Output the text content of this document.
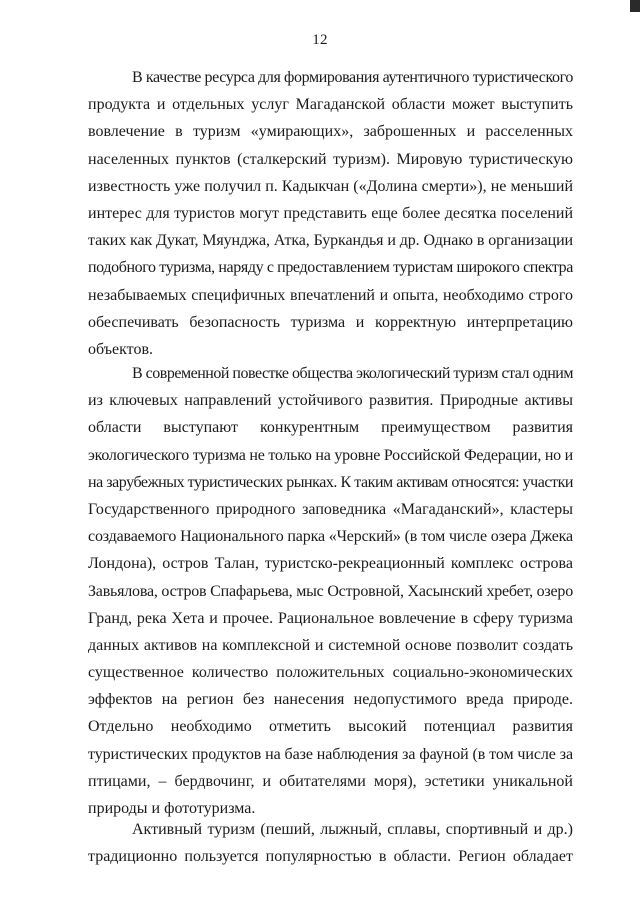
12
В качестве ресурса для формирования аутентичного туристического
продукта и отдельных услуг Магаданской области может выступить
вовлечение в туризм «умирающих», заброшенных и расселенных
населенных пунктов (сталкерский туризм). Мировую туристическую
известность уже получил п. Кадыкчан («Долина смерти»), не меньший
интерес для туристов могут представить еще более десятка поселений
таких как Дукат, Мяунджа, Атка, Буркандья и др. Однако в организации
подобного туризма, наряду с предоставлением туристам широкого спектра
незабываемых специфичных впечатлений и опыта, необходимо строго
обеспечивать безопасность туризма и корректную интерпретацию
объектов.
В современной повестке общества экологический туризм стал одним
из ключевых направлений устойчивого развития. Природные активы
области выступают конкурентным преимуществом развития
экологического туризма не только на уровне Российской Федерации, но и
на зарубежных туристических рынках. К таким активам относятся: участки
Государственного природного заповедника «Магаданский», кластеры
создаваемого Национального парка «Черский» (в том числе озера Джека
Лондона), остров Талан, туристско-рекреационный комплекс острова
Завьялова, остров Спафарьева, мыс Островной, Хасынский хребет, озеро
Гранд, река Хета и прочее. Рациональное вовлечение в сферу туризма
данных активов на комплексной и системной основе позволит создать
существенное количество положительных социально-экономических
эффектов на регион без нанесения недопустимого вреда природе.
Отдельно необходимо отметить высокий потенциал развития
туристических продуктов на базе наблюдения за фауной (в том числе за
птицами, – бердвочинг, и обитателями моря), эстетики уникальной
природы и фототуризма.
Активный туризм (пеший, лыжный, сплавы, спортивный и др.)
традиционно пользуется популярностью в области. Регион обладает
